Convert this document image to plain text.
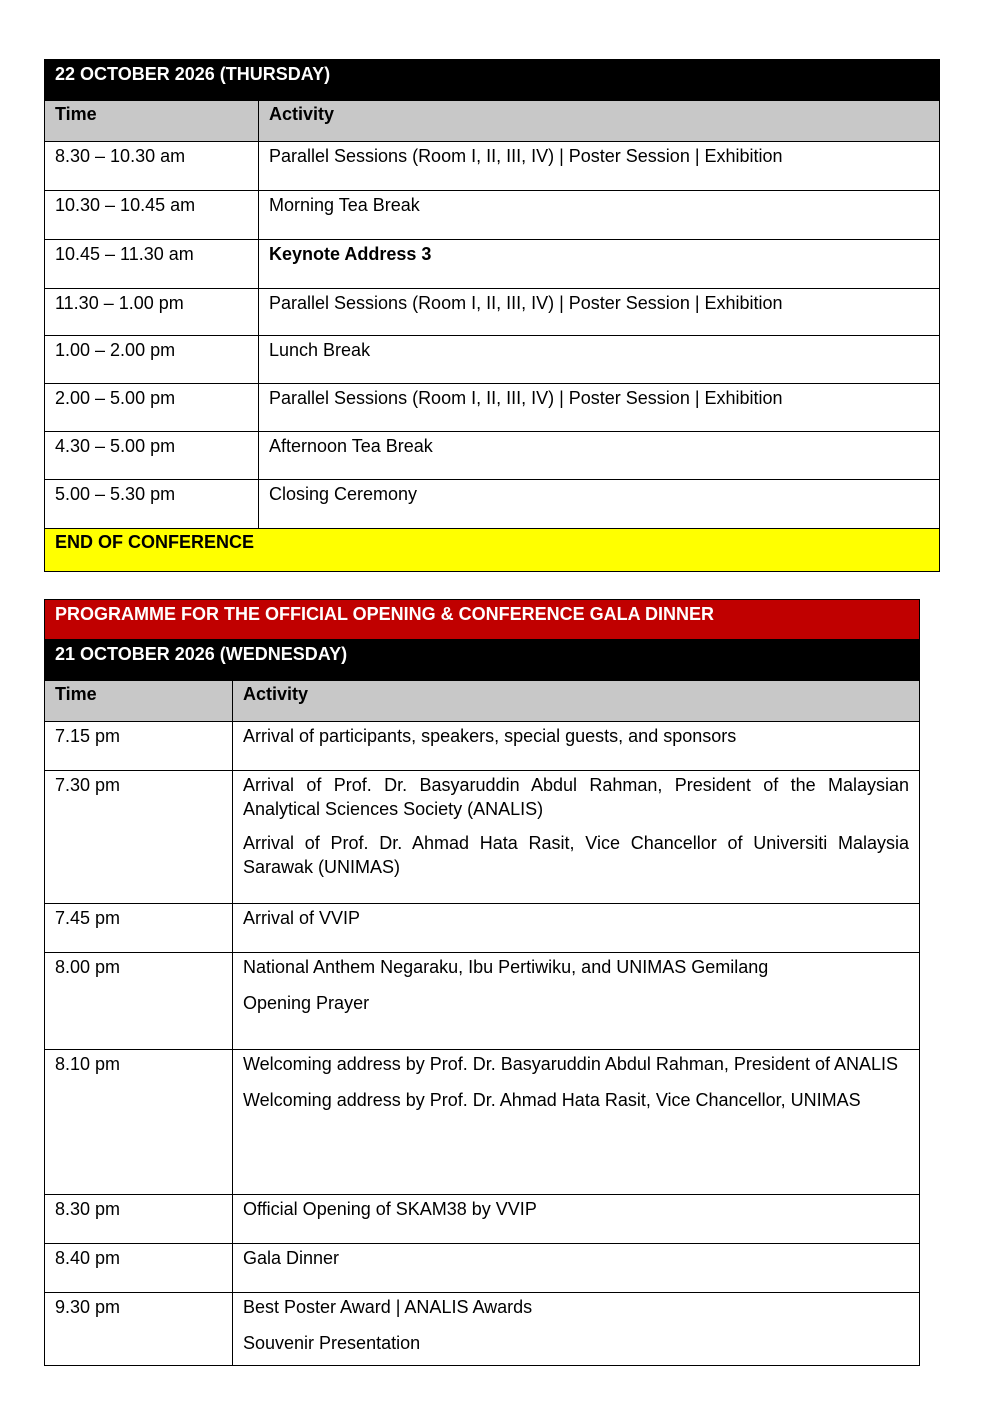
22 OCTOBER 2026 (THURSDAY)	
Time	Activity
8.30 – 10.30 am	Parallel Sessions (Room I, II, III, IV) | Poster Session | Exhibition
10.30 – 10.45 am	Morning Tea Break
10.45 – 11.30 am	Keynote Address 3
11.30 – 1.00 pm	Parallel Sessions (Room I, II, III, IV) | Poster Session | Exhibition
1.00 – 2.00 pm	Lunch Break
2.00 – 5.00 pm	Parallel Sessions (Room I, II, III, IV) | Poster Session | Exhibition
4.30 – 5.00 pm	Afternoon Tea Break
5.00 – 5.30 pm	Closing Ceremony
END OF CONFERENCE	
PROGRAMME FOR THE OFFICIAL OPENING & CONFERENCE GALA DINNER	
21 OCTOBER 2026 (WEDNESDAY)	
Time	Activity
7.15 pm	Arrival of participants, speakers, special guests, and sponsors

7.30 pm	Arrival of Prof. Dr. Basyaruddin Abdul Rahman, President of the Malaysian Analytical Sciences Society (ANALIS)
Arrival of Prof. Dr. Ahmad Hata Rasit, Vice Chancellor of Universiti Malaysia Sarawak (UNIMAS)

7.45 pm	Arrival of VVIP

8.00 pm	National Anthem Negaraku, Ibu Pertiwiku, and UNIMAS Gemilang
Opening Prayer

8.10 pm	Welcoming address by Prof. Dr. Basyaruddin Abdul Rahman, President of ANALIS
Welcoming address by Prof. Dr. Ahmad Hata Rasit, Vice Chancellor, UNIMAS

8.30 pm	Official Opening of SKAM38 by VVIP

8.40 pm	Gala Dinner

9.30 pm	Best Poster Award | ANALIS Awards
Souvenir Presentation
